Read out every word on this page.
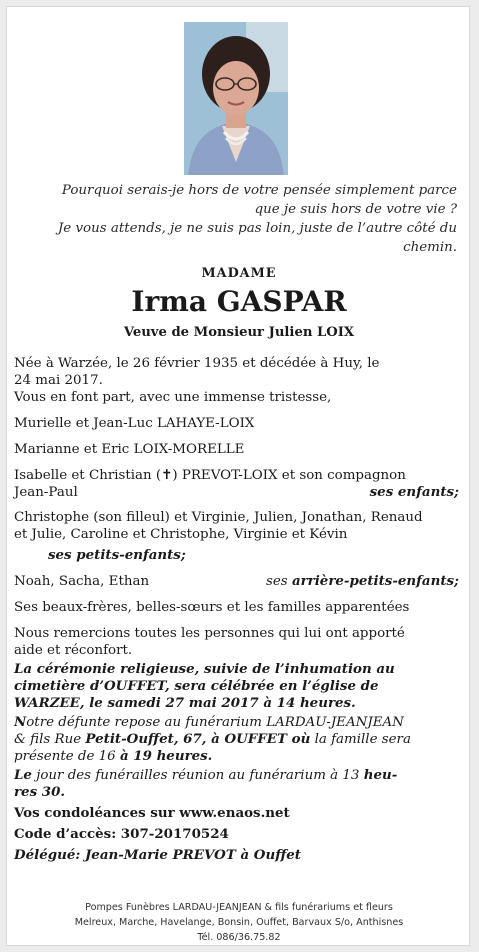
Pourquoi serais-je hors de votre pensée simplement parce

que je suis hors de votre vie ?

Je vous attends, je ne suis pas loin, juste de l’autre côté du

chemin.

MADAME
Irma GASPAR
Veuve de Monsieur Julien LOIX

Née à Warzée, le 26 février 1935 et décédée à Huy, le

24 mai 2017.

Vous en font part, avec une immense tristesse,

Murielle et Jean-Luc LAHAYE-LOIX

Marianne et Eric LOIX-MORELLE

Isabelle et Christian (✝) PREVOT-LOIX et son compagnon

Jean-Paul	ses enfants;

Christophe (son filleul) et Virginie, Julien, Jonathan, Renaud

et Julie, Caroline et Christophe, Virginie et Kévin

ses petits-enfants;

Noah, Sacha, Ethan	ses arrière-petits-enfants;

Ses beaux-frères, belles-sœurs et les familles apparentées

Nous remercions toutes les personnes qui lui ont apporté

aide et réconfort.

La cérémonie religieuse, suivie de l’inhumation au

cimetière d’OUFFET, sera célébrée en l’église de

WARZEE, le samedi 27 mai 2017 à 14 heures.

Notre défunte repose au funérarium LARDAU-JEANJEAN

& fils Rue Petit-Ouffet, 67, à OUFFET où la famille sera

présente de 16 à 19 heures.

Le jour des funérailles réunion au funérarium à 13 heu-

res 30.

Vos condoléances sur www.enaos.net

Code d’accès: 307-20170524

Délégué: Jean-Marie PREVOT à Ouffet

Pompes Funèbres LARDAU-JEANJEAN & fils funérariums et fleurs
Melreux, Marche, Havelange, Bonsin, Ouffet, Barvaux S/o, Anthisnes
Tél. 086/36.75.82
